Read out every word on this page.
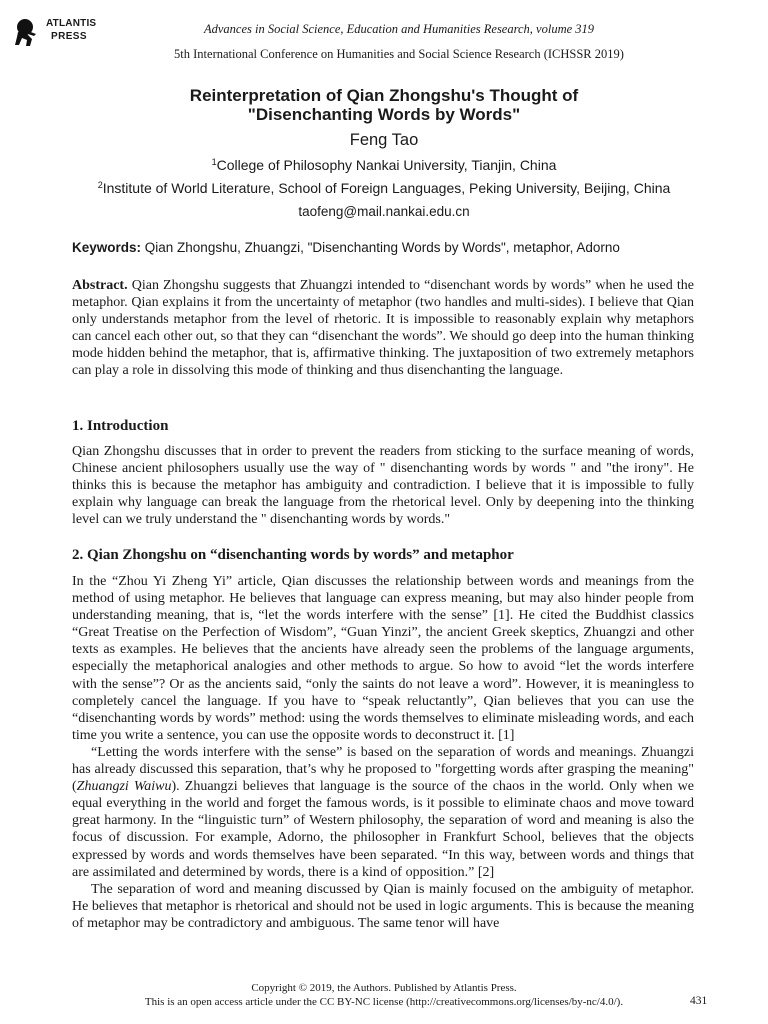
ATLANTIS
PRESS
Advances in Social Science, Education and Humanities Research, volume 319
5th International Conference on Humanities and Social Science Research (ICHSSR 2019)
Reinterpretation of Qian Zhongshu's Thought of
"Disenchanting Words by Words"
Feng Tao
$^1$College of Philosophy Nankai University, Tianjin, China
$^2$Institute of World Literature, School of Foreign Languages, Peking University, Beijing, China
taofeng@mail.nankai.edu.cn
Keywords: Qian Zhongshu, Zhuangzi, "Disenchanting Words by Words", metaphor, Adorno

Abstract. Qian Zhongshu suggests that Zhuangzi intended to “disenchant words by words” when he used the metaphor. Qian explains it from the uncertainty of metaphor (two handles and multi-sides). I believe that Qian only understands metaphor from the level of rhetoric. It is impossible to reasonably explain why metaphors can cancel each other out, so that they can “disenchant the words”. We should go deep into the human thinking mode hidden behind the metaphor, that is, affirmative thinking. The juxtaposition of two extremely metaphors can play a role in dissolving this mode of thinking and thus disenchanting the language.

1. Introduction

Qian Zhongshu discusses that in order to prevent the readers from sticking to the surface meaning of words, Chinese ancient philosophers usually use the way of " disenchanting words by words " and "the irony". He thinks this is because the metaphor has ambiguity and contradiction. I believe that it is impossible to fully explain why language can break the language from the rhetorical level. Only by deepening into the thinking level can we truly understand the " disenchanting words by words."

2. Qian Zhongshu on “disenchanting words by words” and metaphor

In the “Zhou Yi Zheng Yi” article, Qian discusses the relationship between words and meanings from the method of using metaphor. He believes that language can express meaning, but may also hinder people from understanding meaning, that is, “let the words interfere with the sense” [1]. He cited the Buddhist classics “Great Treatise on the Perfection of Wisdom”, “Guan Yinzi”, the ancient Greek skeptics, Zhuangzi and other texts as examples. He believes that the ancients have already seen the problems of the language arguments, especially the metaphorical analogies and other methods to argue. So how to avoid “let the words interfere with the sense”? Or as the ancients said, “only the saints do not leave a word”. However, it is meaningless to completely cancel the language. If you have to “speak reluctantly”, Qian believes that you can use the “disenchanting words by words” method: using the words themselves to eliminate misleading words, and each time you write a sentence, you can use the opposite words to deconstruct it. [1]

“Letting the words interfere with the sense” is based on the separation of words and meanings. Zhuangzi has already discussed this separation, that’s why he proposed to "forgetting words after grasping the meaning" (Zhuangzi Waiwu). Zhuangzi believes that language is the source of the chaos in the world. Only when we equal everything in the world and forget the famous words, is it possible to eliminate chaos and move toward great harmony. In the “linguistic turn” of Western philosophy, the separation of word and meaning is also the focus of discussion. For example, Adorno, the philosopher in Frankfurt School, believes that the objects expressed by words and words themselves have been separated. “In this way, between words and things that are assimilated and determined by words, there is a kind of opposition.” [2]

The separation of word and meaning discussed by Qian is mainly focused on the ambiguity of metaphor. He believes that metaphor is rhetorical and should not be used in logic arguments. This is because the meaning of metaphor may be contradictory and ambiguous. The same tenor will have

Copyright © 2019, the Authors. Published by Atlantis Press.
This is an open access article under the CC BY-NC license (http://creativecommons.org/licenses/by-nc/4.0/).	431
